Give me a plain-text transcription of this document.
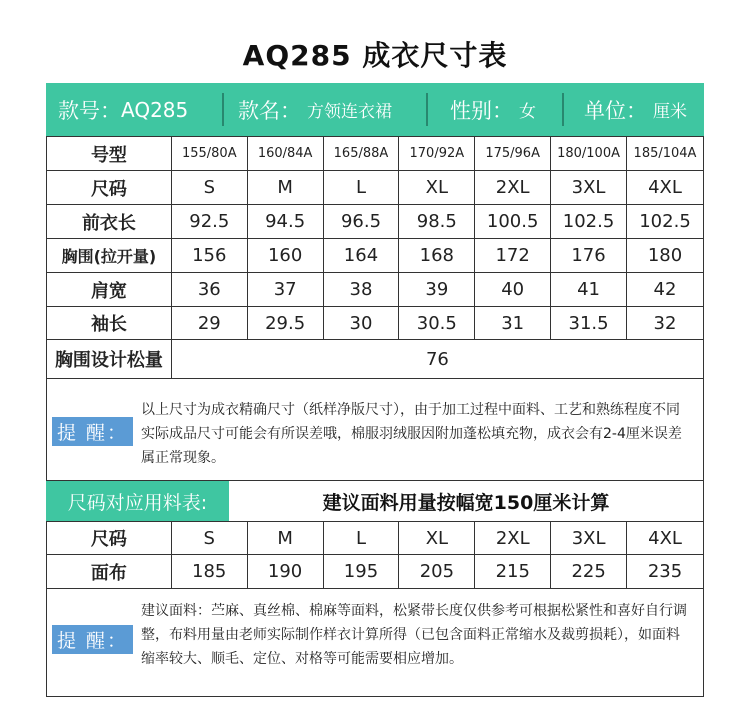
AQ285 成衣尺寸表
款号： AQ285 款名： 方领连衣裙	性别： 女 单位： 厘米
号型	155/80A	160/84A	165/88A	170/92A	175/96A	180/100A	185/104A
尺码	S	M	L	XL	2XL	3XL	4XL
前衣长	92.5	94.5	96.5	98.5	100.5	102.5	102.5
胸围(拉开量)	156	160	164	168	172	176	180
肩宽	36	37	38	39	40	41	42
袖长	29	29.5	30	30.5	31	31.5	32
胸围设计松量	76						
提 醒：
以上尺寸为成衣精确尺寸（纸样净版尺寸），由于加工过程中面料、工艺和熟练程度不同实际成品尺寸可能会有所误差哦，棉服羽绒服因附加蓬松填充物，成衣会有2-4厘米误差属正常现象。
尺码对应用料表:	建议面料用量按幅宽150厘米计算
尺码	S	M	L	XL	2XL	3XL	4XL
面布	185	190	195	205	215	225	235
提 醒：
建议面料：苎麻、真丝棉、棉麻等面料，松紧带长度仅供参考可根据松紧性和喜好自行调整，布料用量由老师实际制作样衣计算所得（已包含面料正常缩水及裁剪损耗），如面料缩率较大、顺毛、定位、对格等可能需要相应增加。
